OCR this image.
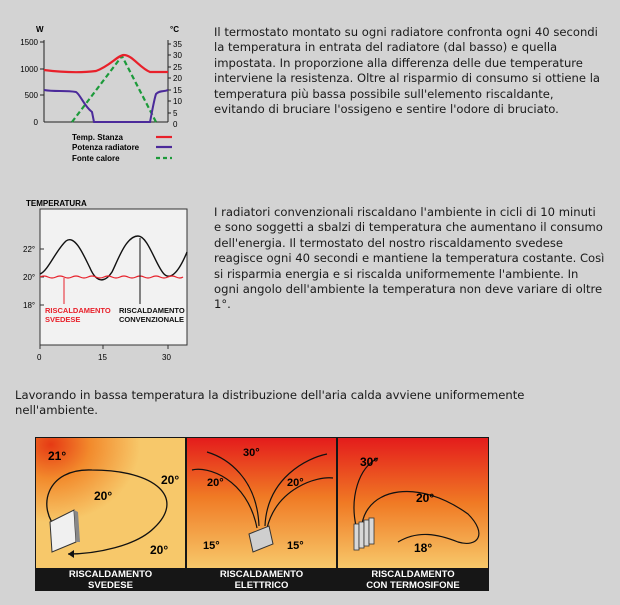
W	°C
1500
1000
500
0
35
30
25
20
15
10
5
0
Temp. Stanza
Potenza radiatore
Fonte calore
Il termostato montato su ogni radiatore confronta ogni 40 secondi la temperatura in entrata del radiatore (dal basso) e quella impostata. In proporzione alla differenza delle due temperature interviene la resistenza. Oltre al risparmio di consumo si ottiene la temperatura più bassa possibile sull'elemento riscaldante, evitando di bruciare l'ossigeno e sentire l'odore di bruciato.
TEMPERATURA
22°
20°
18°
0	15	30
RISCALDAMENTO
SVEDESE
RISCALDAMENTO
CONVENZIONALE
I radiatori convenzionali riscaldano l'ambiente in cicli di 10 minuti e sono soggetti a sbalzi di temperatura che aumentano il consumo dell'energia. Il termostato del nostro riscaldamento svedese reagisce ogni 40 secondi e mantiene la temperatura costante. Così si risparmia energia e si riscalda uniformemente l'ambiente. In ogni angolo dell'ambiente la temperatura non deve variare di oltre 1°.
Lavorando in bassa temperatura la distribuzione dell'aria calda avviene uniformemente nell'ambiente.
21°
20°
20°
20°
RISCALDAMENTO
SVEDESE
30°
20°	20°
15°	15°
RISCALDAMENTO
ELETTRICO
30°
20°
18°
RISCALDAMENTO
CON TERMOSIFONE
